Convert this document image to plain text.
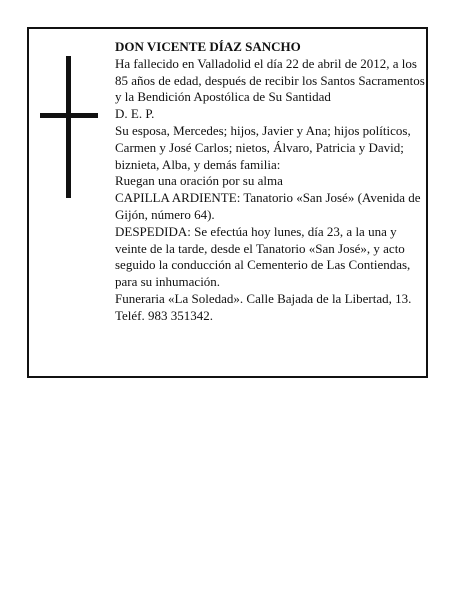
DON VICENTE DÍAZ SANCHO

Ha fallecido en Valladolid el día 22 de abril de 2012, a los 85 años de edad, después de recibir los Santos Sacramentos y la Bendición Apostólica de Su Santidad

D. E. P.

Su esposa, Mercedes; hijos, Javier y Ana; hijos políticos, Carmen y José Carlos; nietos, Álvaro, Patricia y David; biznieta, Alba, y demás familia:

Ruegan una oración por su alma

CAPILLA ARDIENTE: Tanatorio «San José» (Avenida de Gijón, número 64).

DESPEDIDA: Se efectúa hoy lunes, día 23, a la una y veinte de la tarde, desde el Tanatorio «San José», y acto seguido la conducción al Cementerio de Las Contiendas, para su inhumación.

Funeraria «La Soledad». Calle Bajada de la Libertad, 13. Teléf. 983 351342.
